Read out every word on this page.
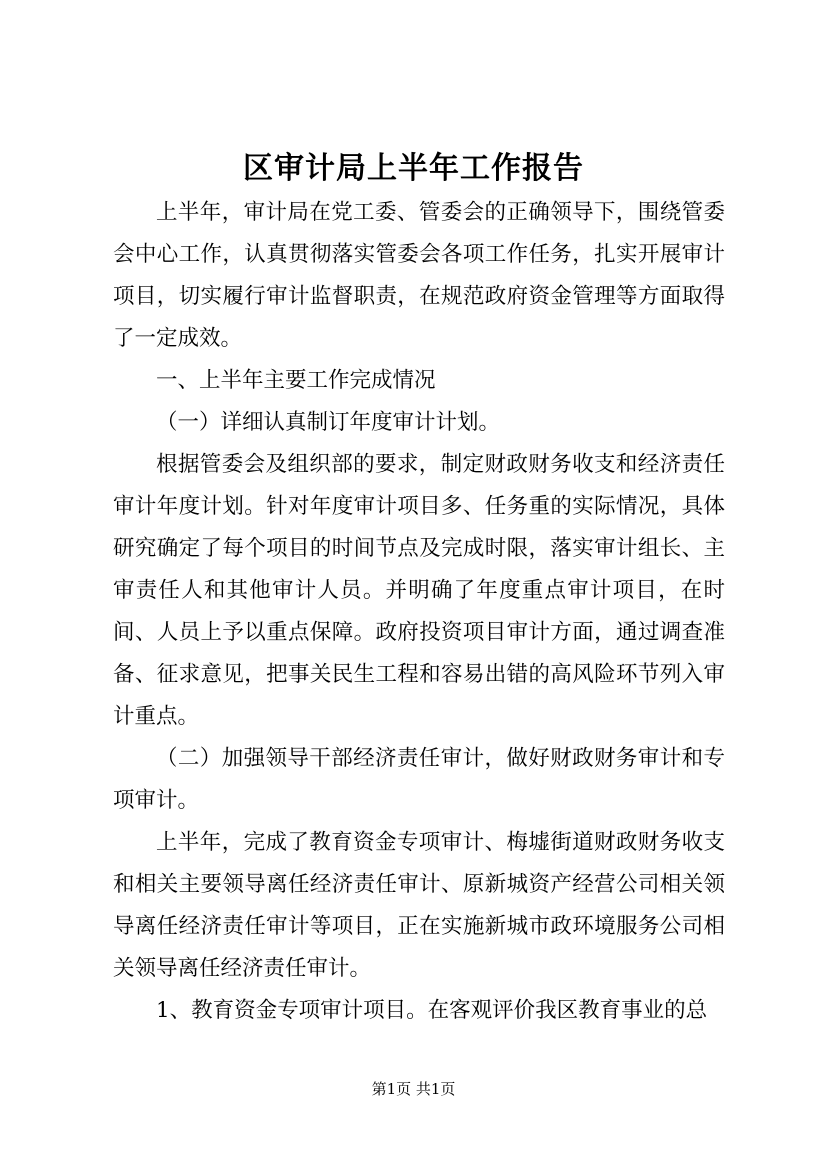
区审计局上半年工作报告

上半年，审计局在党工委、管委会的正确领导下，围绕管委会中心工作，认真贯彻落实管委会各项工作任务，扎实开展审计项目，切实履行审计监督职责，在规范政府资金管理等方面取得了一定成效。

一、上半年主要工作完成情况

（一）详细认真制订年度审计计划。

根据管委会及组织部的要求，制定财政财务收支和经济责任审计年度计划。针对年度审计项目多、任务重的实际情况，具体研究确定了每个项目的时间节点及完成时限，落实审计组长、主审责任人和其他审计人员。并明确了年度重点审计项目，在时间、人员上予以重点保障。政府投资项目审计方面，通过调查准备、征求意见，把事关民生工程和容易出错的高风险环节列入审计重点。

（二）加强领导干部经济责任审计，做好财政财务审计和专项审计。

上半年，完成了教育资金专项审计、梅墟街道财政财务收支和相关主要领导离任经济责任审计、原新城资产经营公司相关领导离任经济责任审计等项目，正在实施新城市政环境服务公司相关领导离任经济责任审计。

1、教育资金专项审计项目。在客观评价我区教育事业的总

第1页 共1页
